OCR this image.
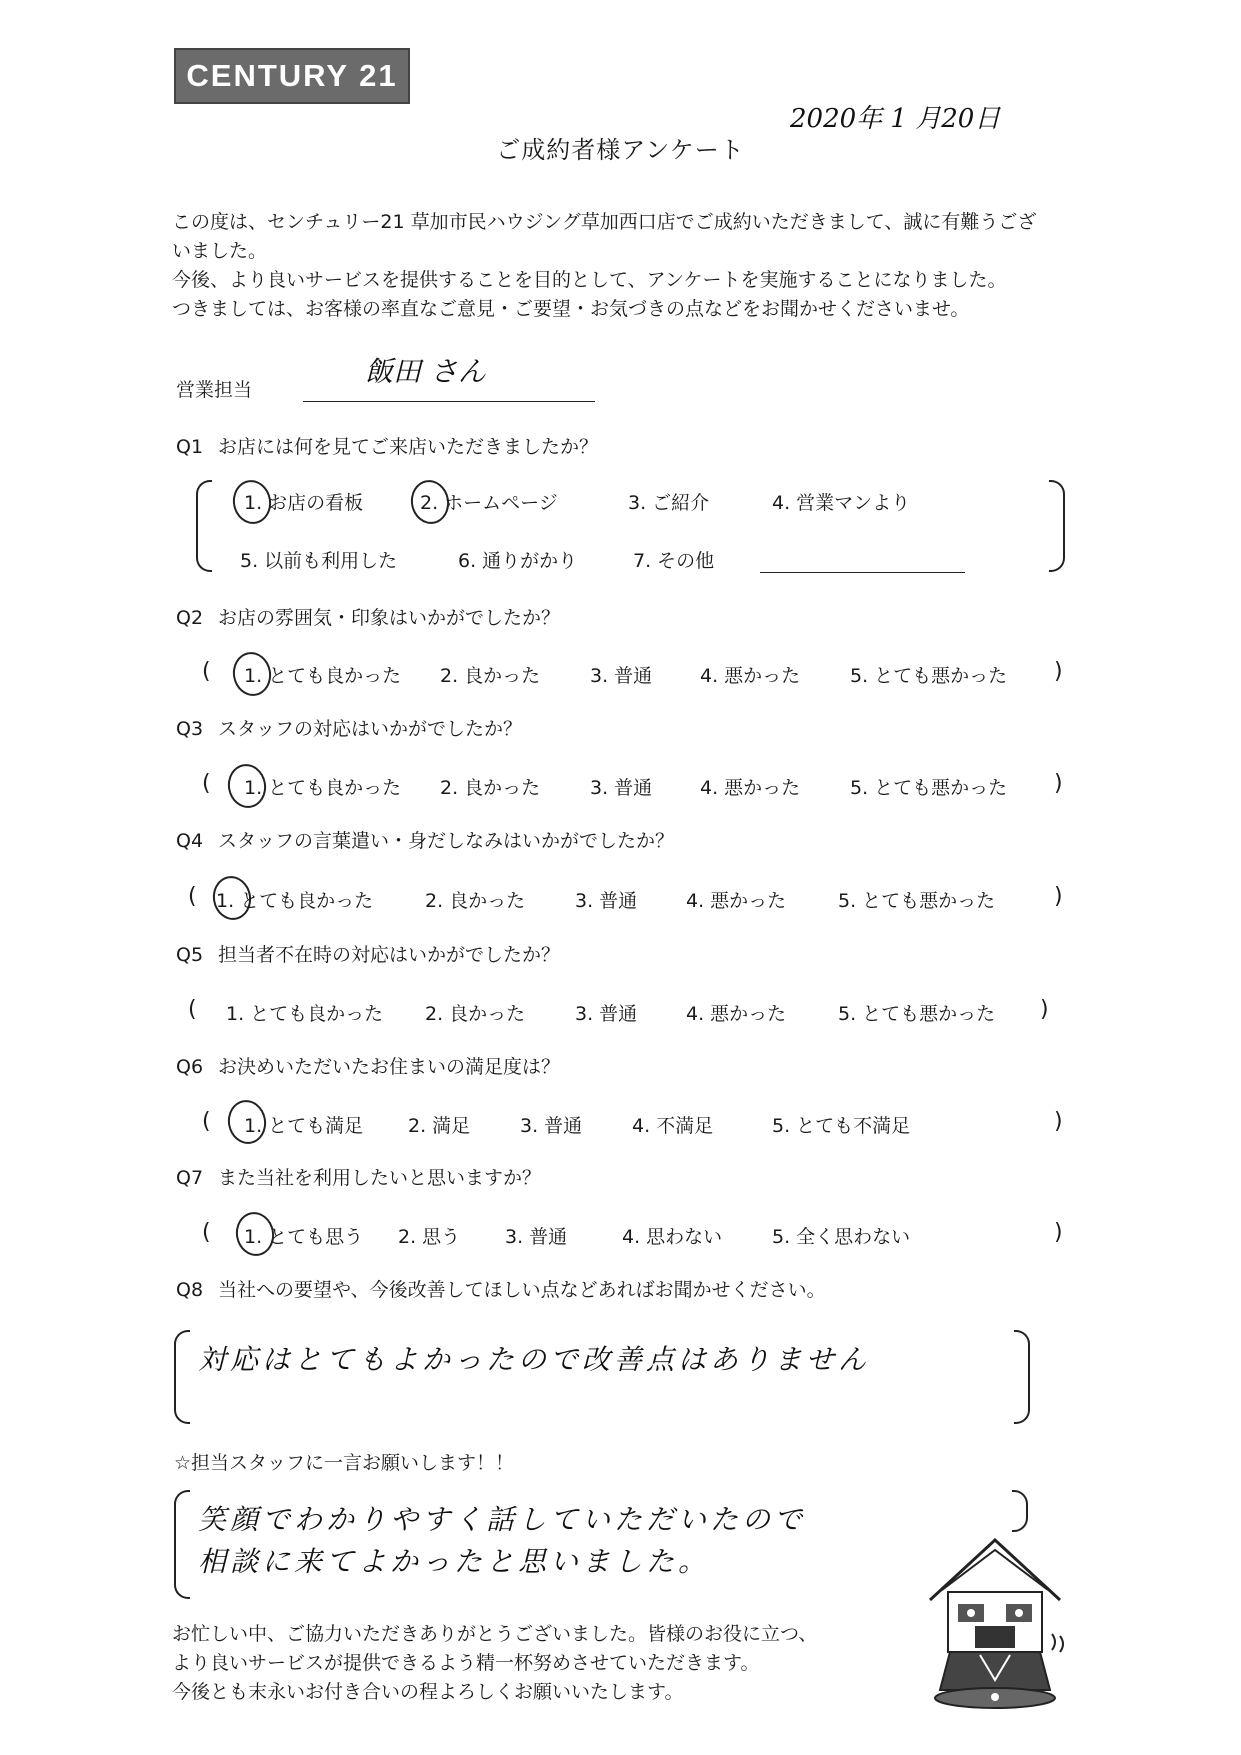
CENTURY 21
2020年 1 月20日
ご成約者様アンケート

この度は、センチュリー21 草加市民ハウジング草加西口店でご成約いただきまして、誠に有難うござ

いました。

今後、より良いサービスを提供することを目的として、アンケートを実施することになりました。

つきましては、お客様の率直なご意見・ご要望・お気づきの点などをお聞かせくださいませ。

営業担当
飯田 さん
Q1 お店には何を見てご来店いただきましたか？
1. お店の看板	2. ホームページ	3. ご紹介	4. 営業マンより
5. 以前も利用した	6. 通りがかり	7. その他
Q2 お店の雰囲気・印象はいかがでしたか？
( 1. とても良かった 2. 良かった	3. 普通	4. 悪かった	5. とても悪かった )
Q3 スタッフの対応はいかがでしたか？
( 1. とても良かった 2. 良かった	3. 普通	4. 悪かった	5. とても悪かった )
Q4 スタッフの言葉遣い・身だしなみはいかがでしたか？
( 1. とても良かった	2. 良かった	3. 普通	4. 悪かった	5. とても悪かった	)
Q5 担当者不在時の対応はいかがでしたか？
( 1. とても良かった 2. 良かった	3. 普通	4. 悪かった	5. とても悪かった )
Q6 お決めいただいたお住まいの満足度は？
( 1. とても満足 2. 満足	3. 普通	4. 不満足	5. とても不満足	)
Q7 また当社を利用したいと思いますか？
( 1. とても思う 2. 思う 3. 普通	4. 思わない	5. 全く思わない	)
Q8 当社への要望や、今後改善してほしい点などあればお聞かせください。
対応はとてもよかったので改善点はありません
☆担当スタッフに一言お願いします！！
笑顔でわかりやすく話していただいたので
相談に来てよかったと思いました。

お忙しい中、ご協力いただきありがとうございました。皆様のお役に立つ、

より良いサービスが提供できるよう精一杯努めさせていただきます。

今後とも末永いお付き合いの程よろしくお願いいたします。
